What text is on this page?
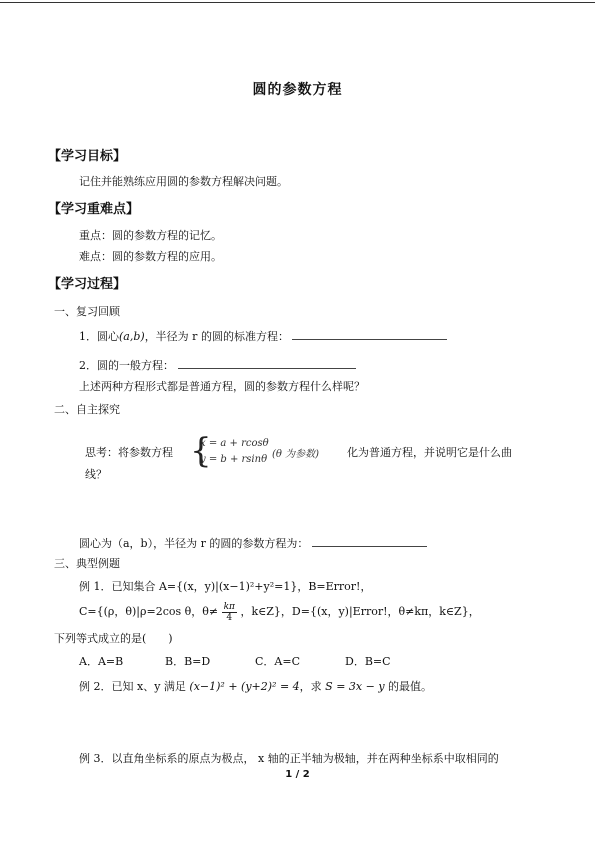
圆的参数方程
【学习目标】
记住并能熟练应用圆的参数方程解决问题。
【学习重难点】
重点：圆的参数方程的记忆。
难点：圆的参数方程的应用。
【学习过程】
一、复习回顾
1．圆心(a,b)，半径为 r 的圆的标准方程：
2．圆的一般方程：
上述两种方程形式都是普通方程，圆的参数方程什么样呢？
二、自主探究
思考：将参数方程 {
x = a + rcosθ
y = b + rsinθ (θ 为参数)	化为普通方程，并说明它是什么曲
线？
圆心为（a，b），半径为 r 的圆的参数方程为：
三、典型例题
例 1．已知集合 A={(x，y)|(x−1)²+y²=1}，B=Error!，
C={(ρ，θ)|ρ=2cos θ，$\theta\ne \frac{k\pi}{4}$ ，k∈Z}，D={(x，y)|Error!，θ≠kπ，k∈Z}，
下列等式成立的是(　　)
A．A=B	B．B=D	C．A=C	D．B=C
例 2．已知 x、y 满足 (x−1)² + (y+2)² = 4，求 S = 3x − y 的最值。
例 3．以直角坐标系的原点为极点， x 轴的正半轴为极轴，并在两种坐标系中取相同的
1 / 2
